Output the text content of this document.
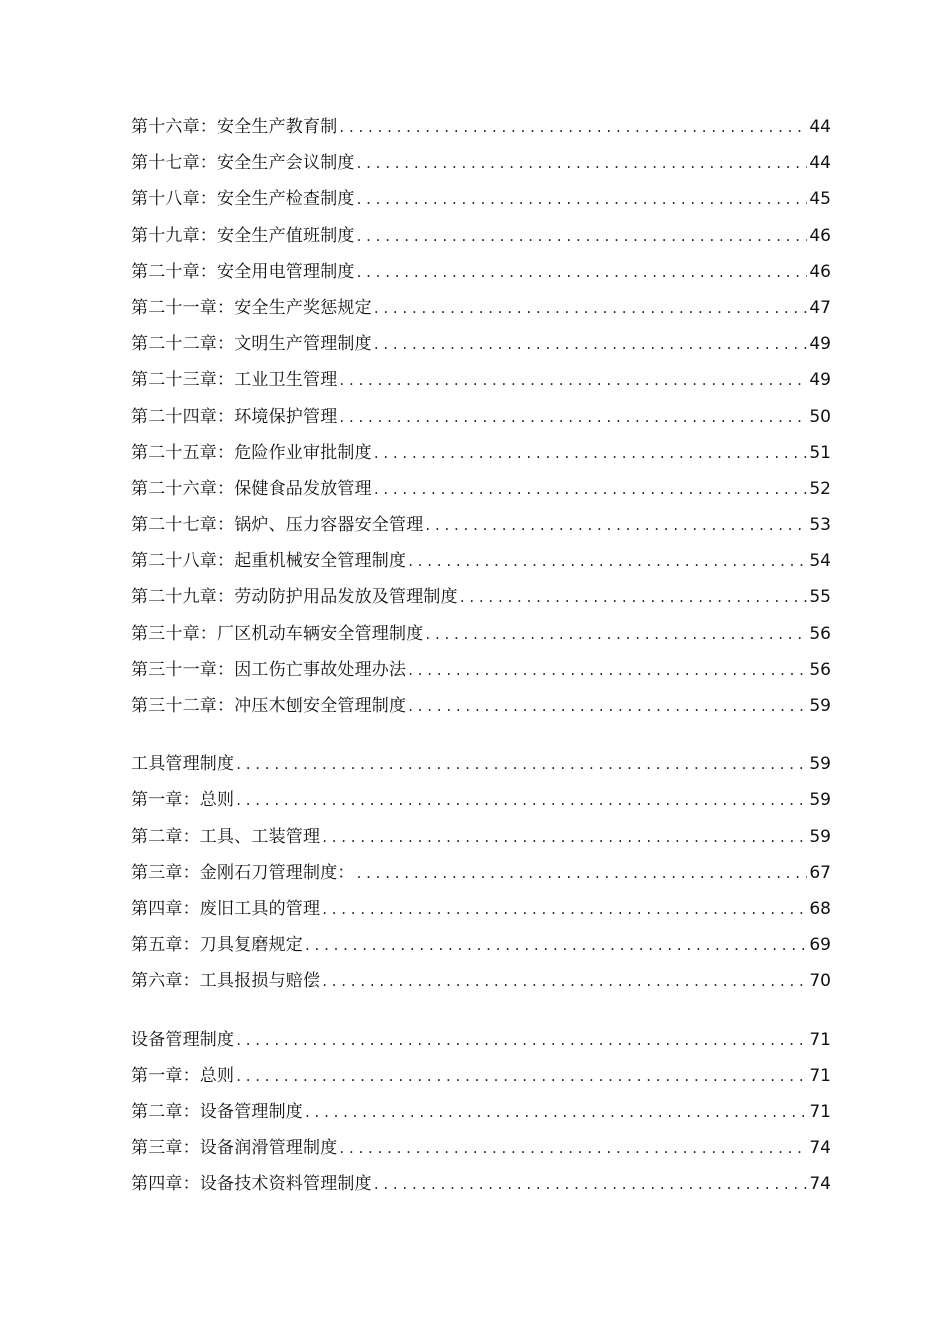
第十六章：安全生产教育制 . . .	44
第十七章：安全生产会议制度 . . .	44
第十八章：安全生产检查制度 . . .	45
第十九章：安全生产值班制度 . . .	46
第二十章：安全用电管理制度 . . .	46
第二十一章：安全生产奖惩规定 . . .	47
第二十二章：文明生产管理制度 . . .	49
第二十三章：工业卫生管理 . . .	49
第二十四章：环境保护管理 . . .	50
第二十五章：危险作业审批制度 . . .	51
第二十六章：保健食品发放管理 . . .	52
第二十七章：锅炉、压力容器安全管理 . . .	53
第二十八章：起重机械安全管理制度 . . .	54
第二十九章：劳动防护用品发放及管理制度 . . .	55
第三十章：厂区机动车辆安全管理制度 . . .	56
第三十一章：因工伤亡事故处理办法 . . .	56
第三十二章：冲压木刨安全管理制度 . . .	59
工具管理制度 . . .	59
第一章：总则 . . .	59
第二章：工具、工装管理 . . .	59
第三章：金刚石刀管理制度： . . .	67
第四章：废旧工具的管理 . . .	68
第五章：刀具复磨规定 . . .	69
第六章：工具报损与赔偿 . . .	70
设备管理制度 . . .	71
第一章：总则 . . .	71
第二章：设备管理制度 . . .	71
第三章：设备润滑管理制度 . . .	74
第四章：设备技术资料管理制度 . . .	74
